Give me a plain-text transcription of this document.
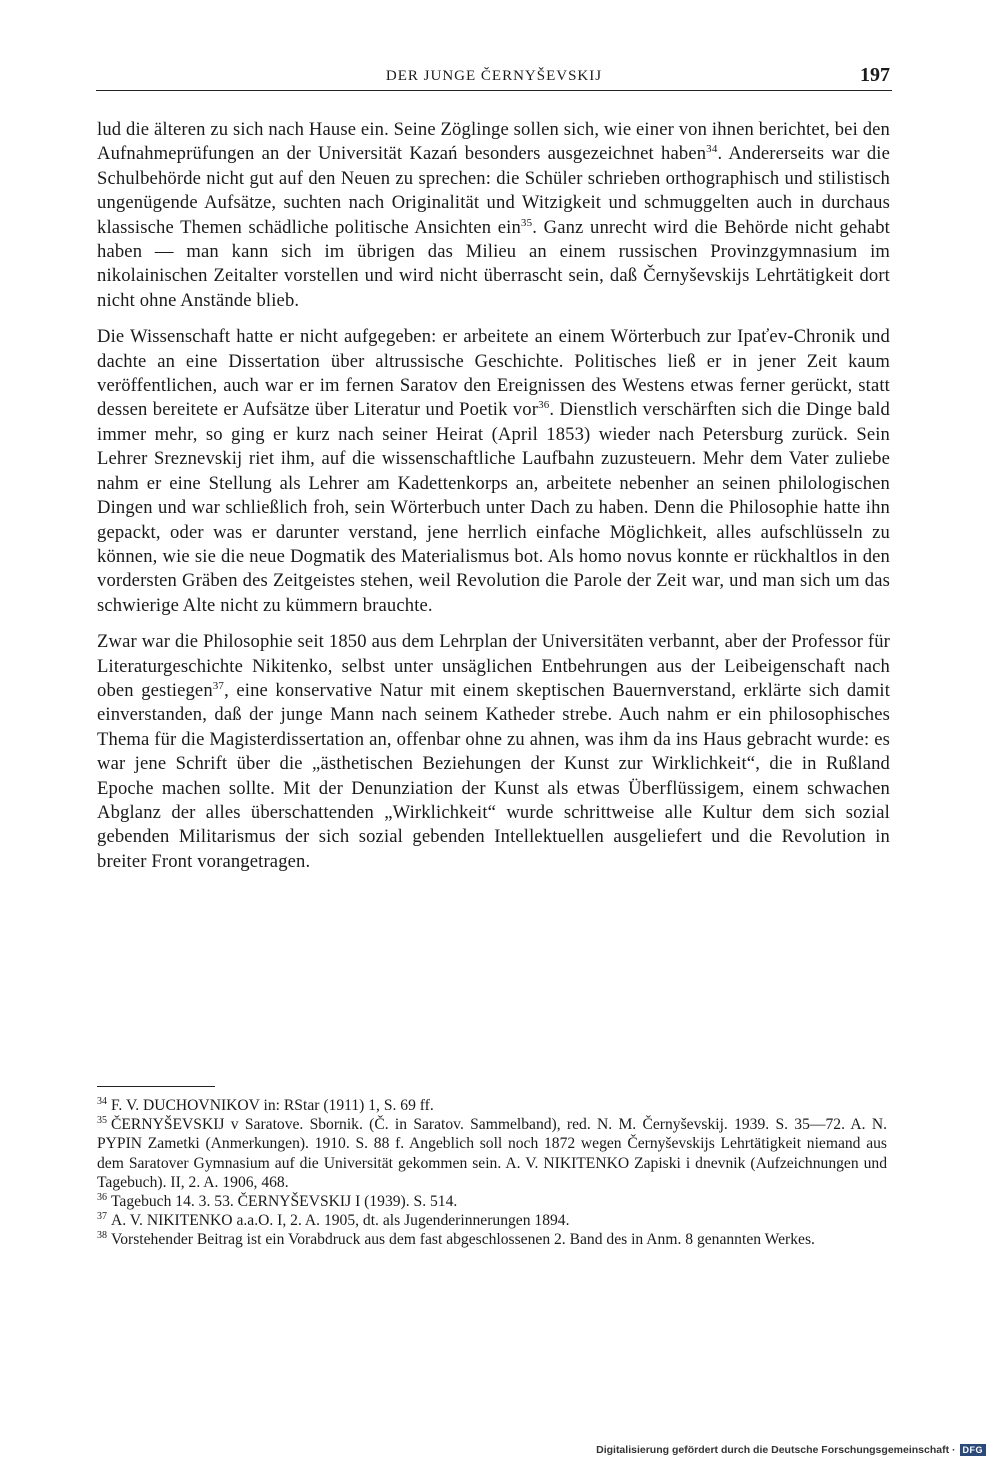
DER JUNGE ČERNYŠEVSKIJ	197

lud die älteren zu sich nach Hause ein. Seine Zöglinge sollen sich, wie einer von ihnen berichtet, bei den Aufnahmeprüfungen an der Universität Kazań besonders ausgezeichnet haben$^{34}$. Andererseits war die Schulbehörde nicht gut auf den Neuen zu sprechen: die Schüler schrieben orthographisch und stilistisch ungenügende Aufsätze, suchten nach Originalität und Witzigkeit und schmuggelten auch in durchaus klassische Themen schädliche politische Ansichten ein$^{35}$. Ganz unrecht wird die Behörde nicht gehabt haben — man kann sich im übrigen das Milieu an einem russischen Provinzgymnasium im nikolainischen Zeitalter vorstellen und wird nicht überrascht sein, daß Černyševskijs Lehrtätigkeit dort nicht ohne Anstände blieb.

Die Wissenschaft hatte er nicht aufgegeben: er arbeitete an einem Wörterbuch zur Ipaťev-Chronik und dachte an eine Dissertation über altrussische Geschichte. Politisches ließ er in jener Zeit kaum veröffentlichen, auch war er im fernen Saratov den Ereignissen des Westens etwas ferner gerückt, statt dessen bereitete er Aufsätze über Literatur und Poetik vor$^{36}$. Dienstlich verschärften sich die Dinge bald immer mehr, so ging er kurz nach seiner Heirat (April 1853) wieder nach Petersburg zurück. Sein Lehrer Sreznevskij riet ihm, auf die wissenschaftliche Laufbahn zuzusteuern. Mehr dem Vater zuliebe nahm er eine Stellung als Lehrer am Kadettenkorps an, arbeitete nebenher an seinen philologischen Dingen und war schließlich froh, sein Wörterbuch unter Dach zu haben. Denn die Philosophie hatte ihn gepackt, oder was er darunter verstand, jene herrlich einfache Möglichkeit, alles aufschlüsseln zu können, wie sie die neue Dogmatik des Materialismus bot. Als homo novus konnte er rückhaltlos in den vordersten Gräben des Zeitgeistes stehen, weil Revolution die Parole der Zeit war, und man sich um das schwierige Alte nicht zu kümmern brauchte.

Zwar war die Philosophie seit 1850 aus dem Lehrplan der Universitäten verbannt, aber der Professor für Literaturgeschichte Nikitenko, selbst unter unsäglichen Entbehrungen aus der Leibeigenschaft nach oben gestiegen$^{37}$, eine konservative Natur mit einem skeptischen Bauernverstand, erklärte sich damit einverstanden, daß der junge Mann nach seinem Katheder strebe. Auch nahm er ein philosophisches Thema für die Magisterdissertation an, offenbar ohne zu ahnen, was ihm da ins Haus gebracht wurde: es war jene Schrift über die „ästhetischen Beziehungen der Kunst zur Wirklichkeit“, die in Rußland Epoche machen sollte. Mit der Denunziation der Kunst als etwas Überflüssigem, einem schwachen Abglanz der alles überschattenden „Wirklichkeit“ wurde schrittweise alle Kultur dem sich sozial gebenden Militarismus der sich sozial gebenden Intellektuellen ausgeliefert und die Revolution in breiter Front vorangetragen.

$^{34}$ F. V. DUCHOVNIKOV in: RStar (1911) 1, S. 69 ff.

$^{35}$ ČERNYŠEVSKIJ v Saratove. Sbornik. (Č. in Saratov. Sammelband), red. N. M. Černyševskij. 1939. S. 35—72. A. N. PYPIN Zametki (Anmerkungen). 1910. S. 88 f. Angeblich soll noch 1872 wegen Černyševskijs Lehrtätigkeit niemand aus dem Saratover Gymnasium auf die Universität gekommen sein. A. V. NIKITENKO Zapiski i dnevnik (Aufzeichnungen und Tagebuch). II, 2. A. 1906, 468.

$^{36}$ Tagebuch 14. 3. 53. ČERNYŠEVSKIJ I (1939). S. 514.

$^{37}$ A. V. NIKITENKO a.a.O. I, 2. A. 1905, dt. als Jugenderinnerungen 1894.

$^{38}$ Vorstehender Beitrag ist ein Vorabdruck aus dem fast abgeschlossenen 2. Band des in Anm. 8 genannten Werkes.

Digitalisierung gefördert durch die Deutsche Forschungsgemeinschaft · DFG
